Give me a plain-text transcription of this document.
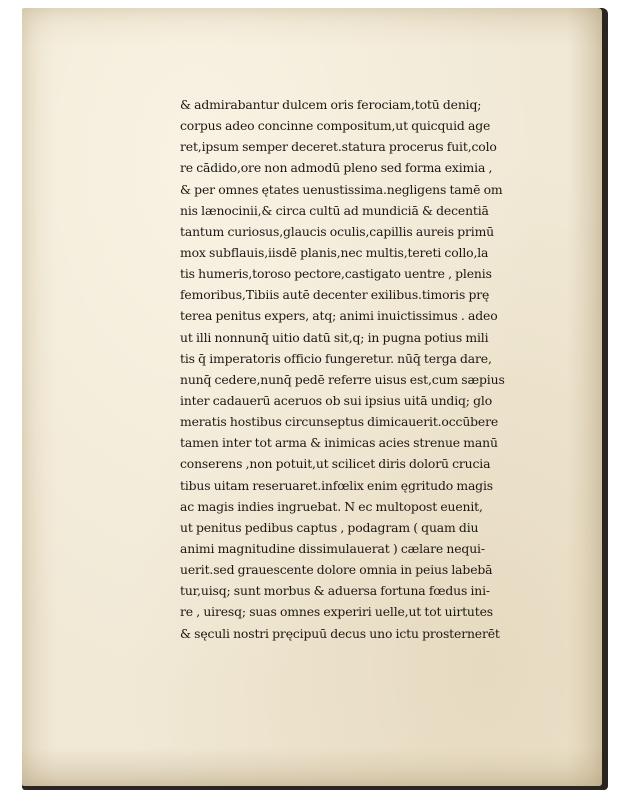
& admirabantur dulcem oris ferociam,totū deniq;
corpus adeo concinne compositum,ut quicquid age
ret,ipsum semper deceret.statura procerus fuit,colo
re cādido,ore non admodū pleno sed forma eximia ,
& per omnes ętates uenustissima.negligens tamē om
nis lænocinii,& circa cultū ad mundiciā & decentiā
tantum curiosus,glaucis oculis,capillis aureis primū
mox subflauis,iisdē planis,nec multis,tereti collo,la
tis humeris,toroso pectore,castigato uentre , plenis
femoribus,Tibiis autē decenter exilibus.timoris prę
terea penitus expers, atq; animi inuictissimus . adeo
ut illi nonnunq̄ uitio datū sit,q; in pugna potius mili
tis q̄ imperatoris officio fungeretur. nūq̄ terga dare,
nunq̄ cedere,nunq̄ pedē referre uisus est,cum sæpius
inter cadauerū aceruos ob sui ipsius uitā undiq; glo
meratis hostibus circunseptus dimicauerit.occūbere
tamen inter tot arma & inimicas acies strenue manū
conserens ,non potuit,ut scilicet diris dolorū crucia
tibus uitam reseruaret.infœlix enim ęgritudo magis
ac magis indies ingruebat. N ec multopost euenit,
ut penitus pedibus captus , podagram ( quam diu
animi magnitudine dissimulauerat ) cælare nequi-
uerit.sed grauescente dolore omnia in peius labebā
tur,uisq; sunt morbus & aduersa fortuna fœdus ini-
re , uiresq; suas omnes experiri uelle,ut tot uirtutes
& sęculi nostri pręcipuū decus uno ictu prosternerēt
